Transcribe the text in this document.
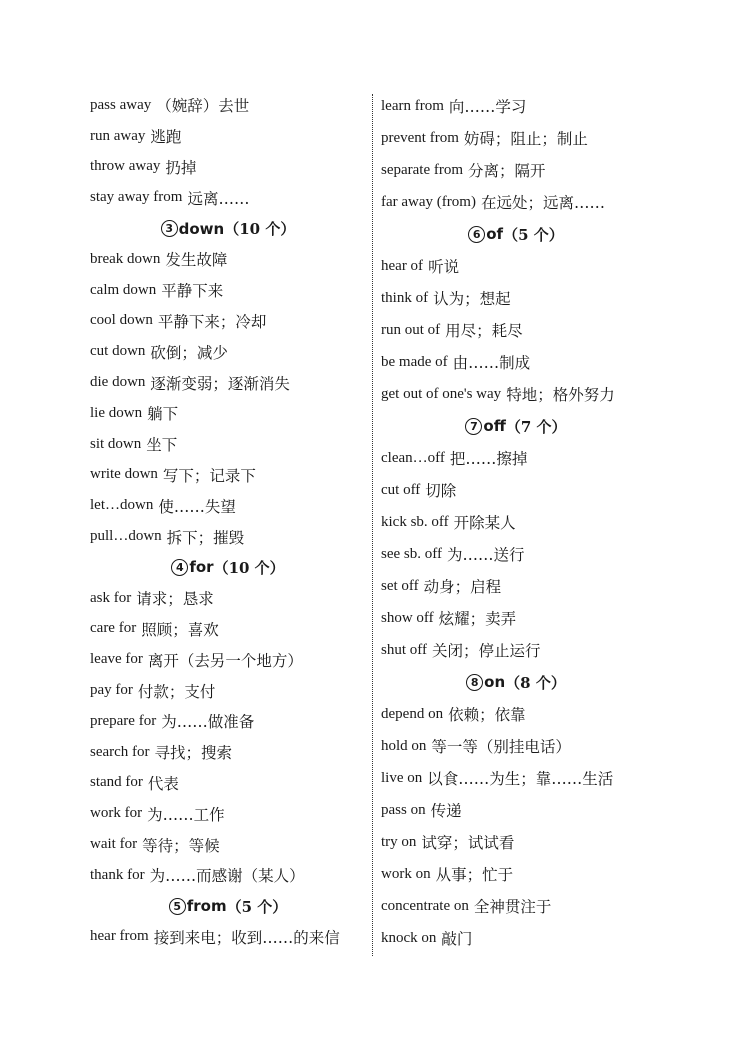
pass away （婉辞）去世
run away 逃跑
throw away 扔掉
stay away from 远离……
3 down （10 个）
break down 发生故障
calm down 平静下来
cool down 平静下来；冷却
cut down 砍倒；减少
die down 逐渐变弱；逐渐消失
lie down 躺下
sit down 坐下
write down 写下；记录下
let…down 使……失望
pull…down 拆下；摧毁
4 for （10 个）
ask for 请求；恳求
care for 照顾；喜欢
leave for 离开（去另一个地方）
pay for 付款；支付
prepare for 为……做准备
search for 寻找；搜索
stand for 代表
work for 为……工作
wait for 等待；等候
thank for 为……而感谢（某人）
5 from （5 个）
hear from 接到来电；收到……的来信
learn from 向……学习
prevent from 妨碍；阻止；制止
separate from 分离；隔开
far away (from) 在远处；远离……
6 of （5 个）
hear of 听说
think of 认为；想起
run out of 用尽；耗尽
be made of 由……制成
get out of one's way 特地；格外努力
7 off （7 个）
clean…off 把……擦掉
cut off 切除
kick sb. off 开除某人
see sb. off 为……送行
set off 动身；启程
show off 炫耀；卖弄
shut off 关闭；停止运行
8 on （8 个）
depend on 依赖；依靠
hold on 等一等（别挂电话）
live on 以食……为生；靠……生活
pass on 传递
try on 试穿；试试看
work on 从事；忙于
concentrate on 全神贯注于
knock on 敲门
